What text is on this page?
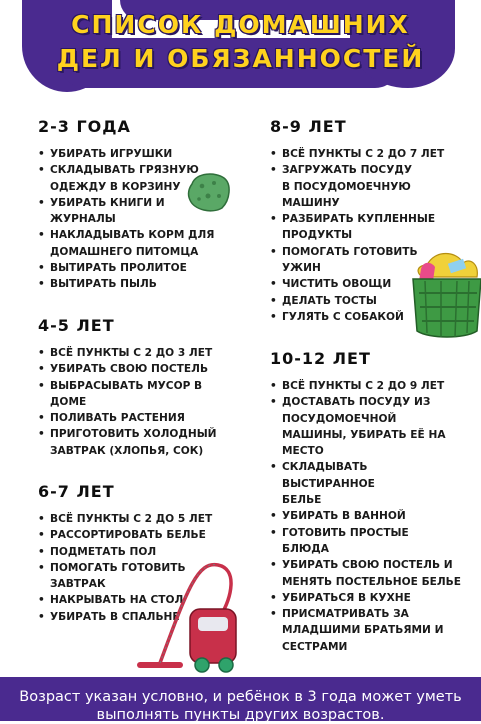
СПИСОК ДОМАШНИХ
ДЕЛ И ОБЯЗАННОСТЕЙ
2-3 ГОДА
• УБИРАТЬ ИГРУШКИ
• СКЛАДЫВАТЬ ГРЯЗНУЮ ОДЕЖДУ В КОРЗИНУ
• УБИРАТЬ КНИГИ И ЖУРНАЛЫ
• НАКЛАДЫВАТЬ КОРМ ДЛЯ ДОМАШНЕГО ПИТОМЦА
• ВЫТИРАТЬ ПРОЛИТОЕ
• ВЫТИРАТЬ ПЫЛЬ
4-5 ЛЕТ
• ВСЁ ПУНКТЫ С 2 ДО 3 ЛЕТ
• УБИРАТЬ СВОЮ ПОСТЕЛЬ
• ВЫБРАСЫВАТЬ МУСОР В ДОМЕ
• ПОЛИВАТЬ РАСТЕНИЯ
• ПРИГОТОВИТЬ ХОЛОДНЫЙ ЗАВТРАК (ХЛОПЬЯ, СОК)
6-7 ЛЕТ
• ВСЁ ПУНКТЫ С 2 ДО 5 ЛЕТ
• РАССОРТИРОВАТЬ БЕЛЬЕ
• ПОДМЕТАТЬ ПОЛ
• ПОМОГАТЬ ГОТОВИТЬ ЗАВТРАК
• НАКРЫВАТЬ НА СТОЛ
• УБИРАТЬ В СПАЛЬНЕ
8-9 ЛЕТ
• ВСЁ ПУНКТЫ С 2 ДО 7 ЛЕТ
• ЗАГРУЖАТЬ ПОСУДУ В ПОСУДОМОЕЧНУЮ МАШИНУ
• РАЗБИРАТЬ КУПЛЕННЫЕ ПРОДУКТЫ
• ПОМОГАТЬ ГОТОВИТЬ УЖИН
• ЧИСТИТЬ ОВОЩИ
• ДЕЛАТЬ ТОСТЫ
• ГУЛЯТЬ С СОБАКОЙ
10-12 ЛЕТ
• ВСЁ ПУНКТЫ С 2 ДО 9 ЛЕТ
• ДОСТАВАТЬ ПОСУДУ ИЗ ПОСУДОМОЕЧНОЙ МАШИНЫ, УБИРАТЬ ЕЁ НА МЕСТО
• СКЛАДЫВАТЬ ВЫСТИРАННОЕ БЕЛЬЕ
• УБИРАТЬ В ВАННОЙ
• ГОТОВИТЬ ПРОСТЫЕ БЛЮДА
• УБИРАТЬ СВОЮ ПОСТЕЛЬ И МЕНЯТЬ ПОСТЕЛЬНОЕ БЕЛЬЕ
• УБИРАТЬСЯ В КУХНЕ
• ПРИСМАТРИВАТЬ ЗА МЛАДШИМИ БРАТЬЯМИ И СЕСТРАМИ
Возраст указан условно, и ребёнок в 3 года может уметь выполнять пункты других возрастов.
